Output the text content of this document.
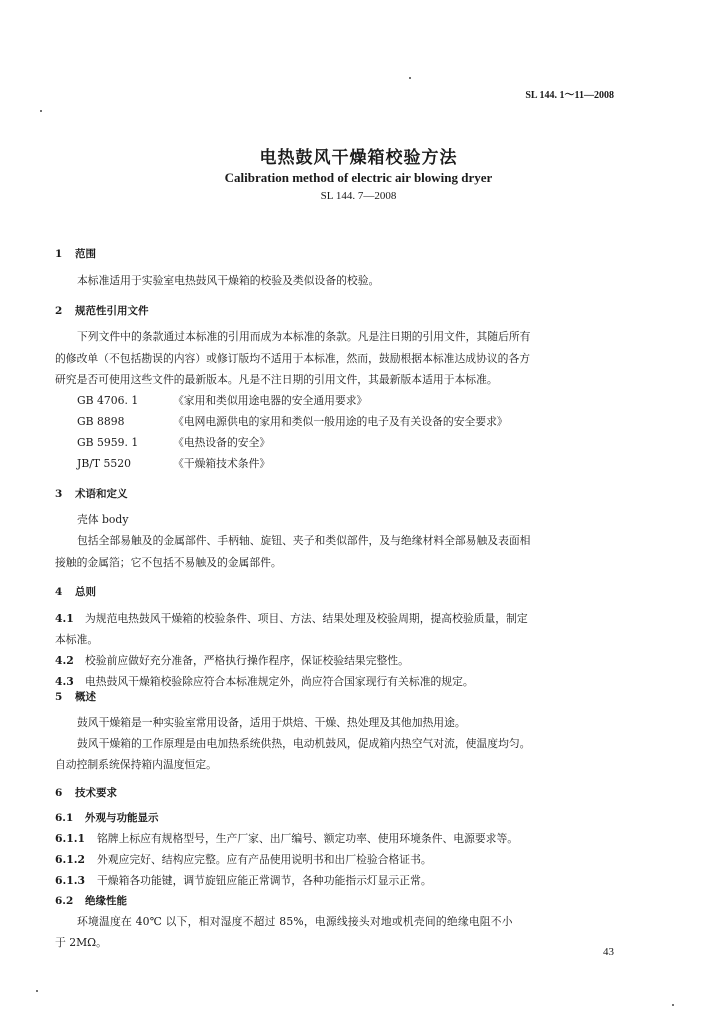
SL 144. 1～11—2008
电热鼓风干燥箱校验方法
Calibration method of electric air blowing dryer
SL 144. 7—2008
1 范围
本标准适用于实验室电热鼓风干燥箱的校验及类似设备的校验。
2 规范性引用文件
下列文件中的条款通过本标准的引用而成为本标准的条款。凡是注日期的引用文件，其随后所有
的修改单（不包括勘误的内容）或修订版均不适用于本标准，然而，鼓励根据本标准达成协议的各方
研究是否可使用这些文件的最新版本。凡是不注日期的引用文件，其最新版本适用于本标准。
GB 4706. 1	《家用和类似用途电器的安全通用要求》
GB 8898	《电网电源供电的家用和类似一般用途的电子及有关设备的安全要求》
GB 5959. 1	《电热设备的安全》
JB/T 5520	《干燥箱技术条件》
3 术语和定义
壳体 body
包括全部易触及的金属部件、手柄轴、旋钮、夹子和类似部件，及与绝缘材料全部易触及表面相
接触的金属箔；它不包括不易触及的金属部件。
4 总则
4.1 为规范电热鼓风干燥箱的校验条件、项目、方法、结果处理及校验周期，提高校验质量，制定
本标准。
4.2 校验前应做好充分准备，严格执行操作程序，保证校验结果完整性。
4.3 电热鼓风干燥箱校验除应符合本标准规定外，尚应符合国家现行有关标准的规定。
5 概述
鼓风干燥箱是一种实验室常用设备，适用于烘焙、干燥、热处理及其他加热用途。
鼓风干燥箱的工作原理是由电加热系统供热，电动机鼓风，促成箱内热空气对流，使温度均匀。
自动控制系统保持箱内温度恒定。
6 技术要求
6.1 外观与功能显示
6.1.1 铭牌上标应有规格型号，生产厂家、出厂编号、额定功率、使用环境条件、电源要求等。
6.1.2 外观应完好、结构应完整。应有产品使用说明书和出厂检验合格证书。
6.1.3 干燥箱各功能键，调节旋钮应能正常调节，各种功能指示灯显示正常。
6.2 绝缘性能
环境温度在 40℃ 以下，相对湿度不超过 85%，电源线接头对地或机壳间的绝缘电阻不小
于 2MΩ。
43
